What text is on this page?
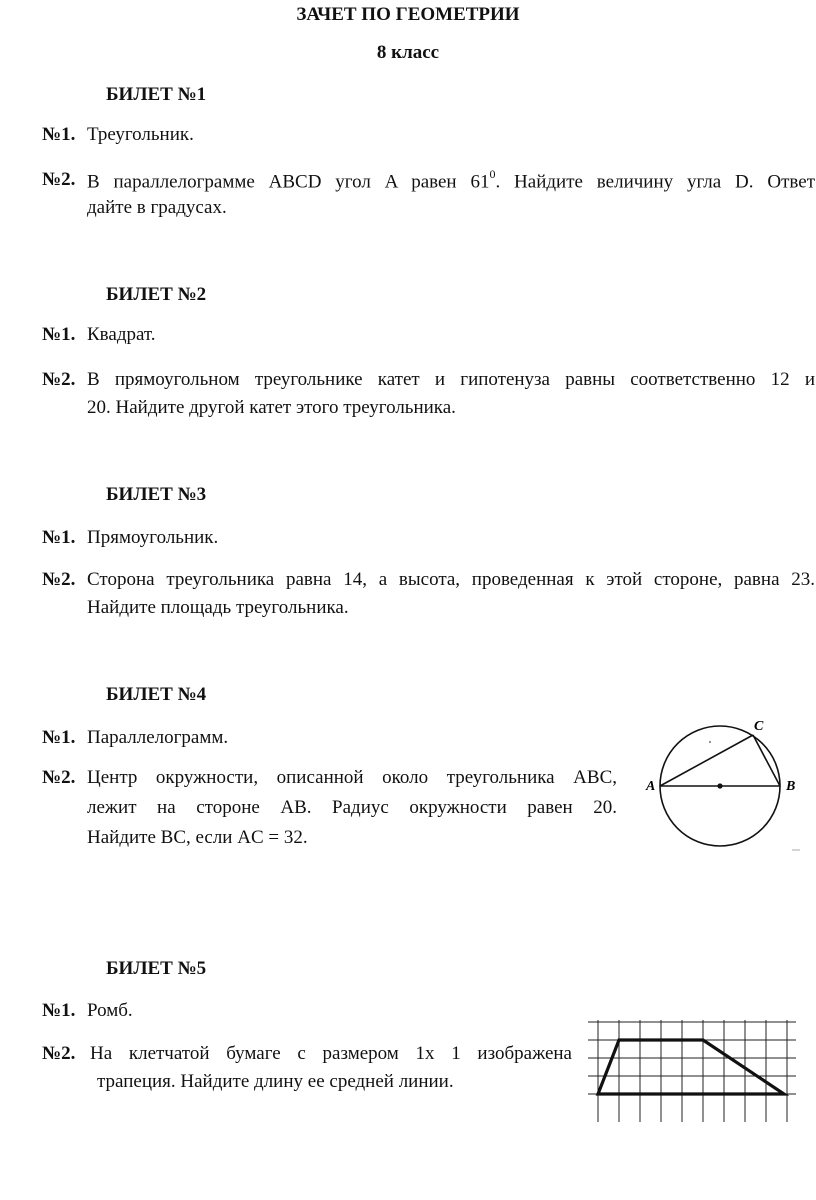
ЗАЧЕТ ПО ГЕОМЕТРИИ
8 класс
БИЛЕТ №1
№1. Треугольник.
№2. В параллелограмме ABCD угол A равен $61^0$. Найдите величину угла D. Ответ
дайте в градусах.
БИЛЕТ №2
№1. Квадрат.
№2. В прямоугольном треугольнике катет и гипотенуза равны соответственно 12 и
20. Найдите другой катет этого треугольника.
БИЛЕТ №3
№1. Прямоугольник.
№2. Сторона треугольника равна 14, а высота, проведенная к этой стороне, равна 23.
Найдите площадь треугольника.
БИЛЕТ №4
№1. Параллелограмм.
№2. Центр окружности, описанной около треугольника ABC,
лежит на стороне AB. Радиус окружности равен 20.
Найдите BC, если AC = 32.
A	B
C
БИЛЕТ №5
№1. Ромб.
№2. На клетчатой бумаге с размером 1х 1 изображена
трапеция. Найдите длину ее средней линии.
